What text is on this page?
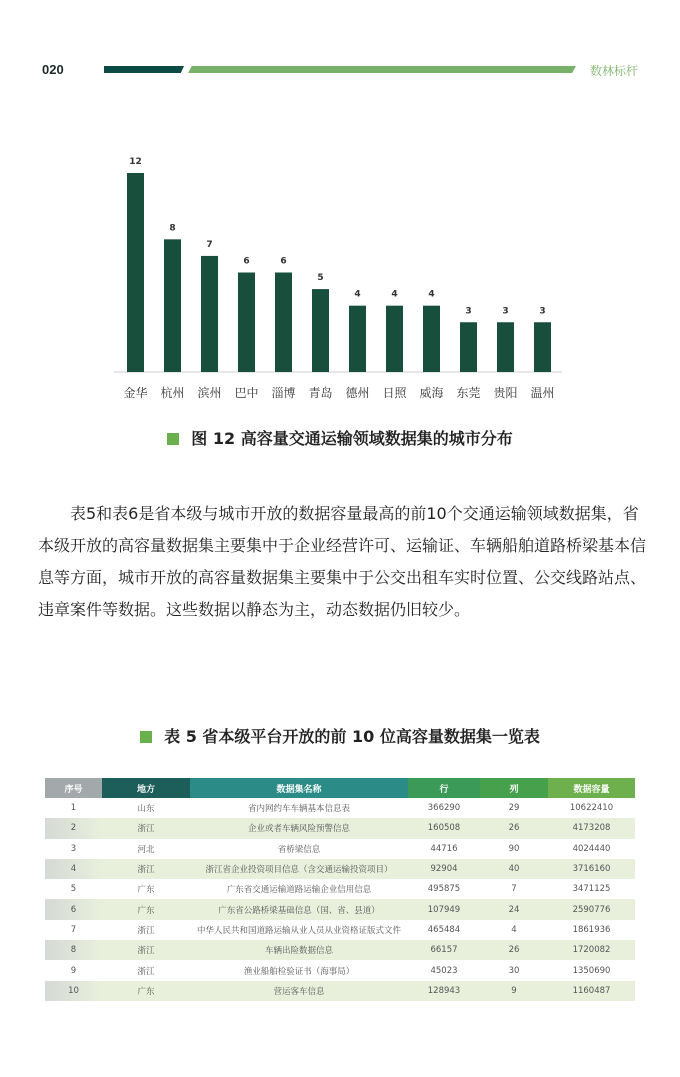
020	数林标杆
12
金华
8
杭州
7
滨州
6
巴中
6
淄博
5
青岛
4
德州
4
日照
4
威海
3
东莞
3
贵阳
3
温州
图 12 高容量交通运输领域数据集的城市分布
表5和表6是省本级与城市开放的数据容量最高的前10个交通运输领域数据集，省本级开放的高容量数据集主要集中于企业经营许可、运输证、车辆船舶道路桥梁基本信息等方面，城市开放的高容量数据集主要集中于公交出租车实时位置、公交线路站点、违章案件等数据。这些数据以静态为主，动态数据仍旧较少。
表 5 省本级平台开放的前 10 位高容量数据集一览表
序号	地方	数据集名称	行	列	数据容量
1	山东	省内网约车车辆基本信息表	366290	29	10622410
2	浙江	企业或者车辆风险预警信息	160508	26	4173208
3	河北	省桥梁信息	44716	90	4024440
4	浙江	浙江省企业投资项目信息（含交通运输投资项目）	92904	40	3716160
5	广东	广东省交通运输道路运输企业信用信息	495875	7	3471125
6	广东	广东省公路桥梁基础信息（国、省、县道）	107949	24	2590776
7	浙江	中华人民共和国道路运输从业人员从业资格证版式文件	465484	4	1861936
8	浙江	车辆出险数据信息	66157	26	1720082
9	浙江	渔业船舶检验证书（海事局）	45023	30	1350690
10	广东	营运客车信息	128943	9	1160487
